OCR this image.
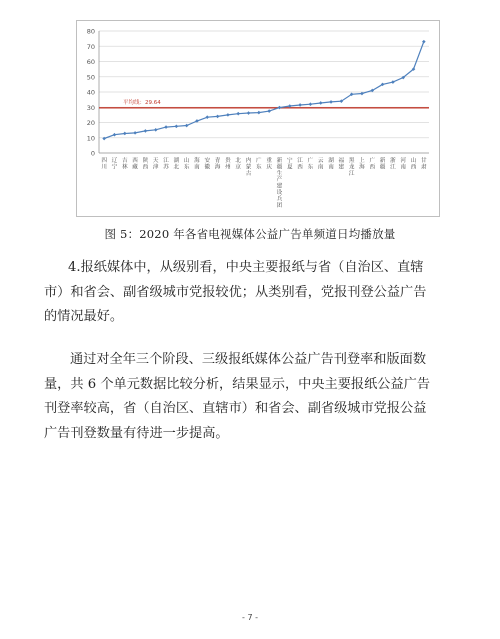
0
10
20
30
40
50
60
70
80
平均线：29.64
四川
辽宁
吉林
西藏
陕西
天津
江苏
湖北
山东
海南
安徽
青海
贵州
北京
内蒙古
广东
重庆
新疆生产建设兵团
宁夏
江西
广东
云南
湖南
福建
黑龙江
上海
广西
新疆
浙江
河南
山西
甘肃
图 5：2020 年各省电视媒体公益广告单频道日均播放量
4.报纸媒体中，从级别看，中央主要报纸与省（自治区、直辖
市）和省会、副省级城市党报较优；从类别看，党报刊登公益广告
的情况最好。
通过对全年三个阶段、三级报纸媒体公益广告刊登率和版面数
量，共 6 个单元数据比较分析，结果显示，中央主要报纸公益广告
刊登率较高，省（自治区、直辖市）和省会、副省级城市党报公益
广告刊登数量有待进一步提高。
- 7 -
